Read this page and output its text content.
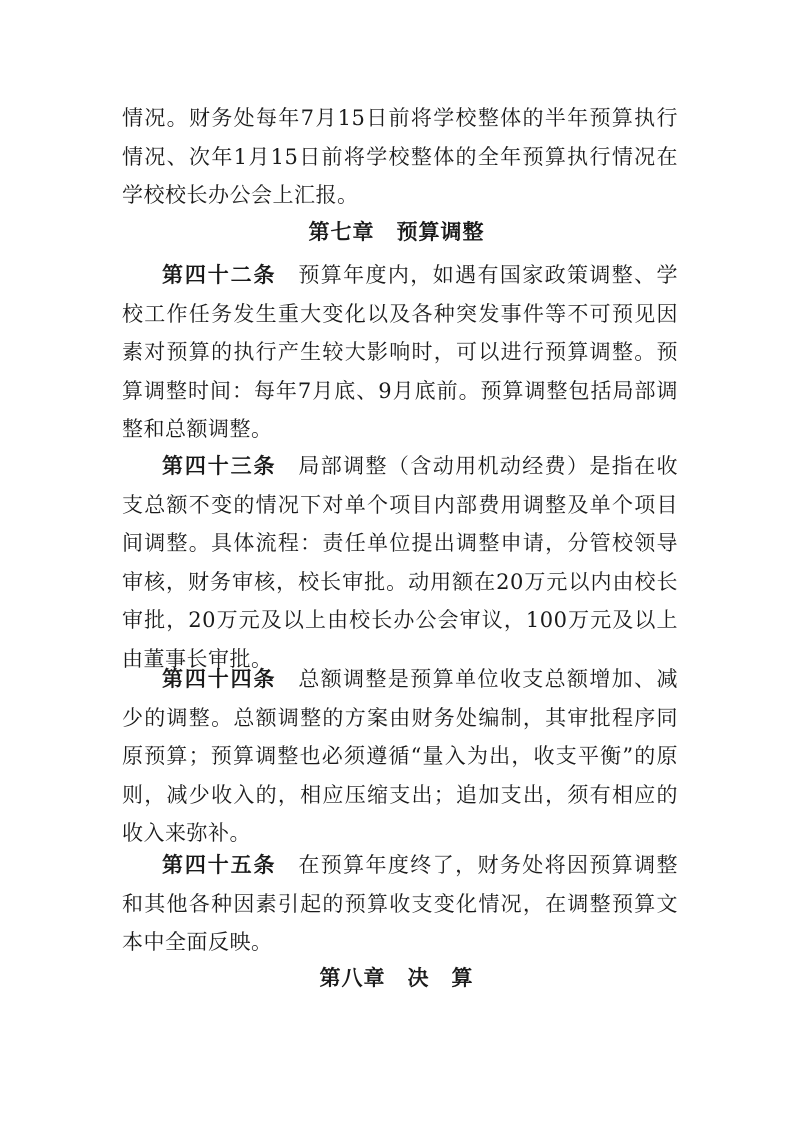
情况。财务处每年7月15日前将学校整体的半年预算执行情况、次年1月15日前将学校整体的全年预算执行情况在学校校长办公会上汇报。
第七章　预算调整
第四十二条 预算年度内，如遇有国家政策调整、学校工作任务发生重大变化以及各种突发事件等不可预见因素对预算的执行产生较大影响时，可以进行预算调整。预算调整时间：每年7月底、9月底前。预算调整包括局部调整和总额调整。
第四十三条 局部调整（含动用机动经费）是指在收支总额不变的情况下对单个项目内部费用调整及单个项目间调整。具体流程：责任单位提出调整申请，分管校领导审核，财务审核，校长审批。动用额在20万元以内由校长审批，20万元及以上由校长办公会审议，100万元及以上由董事长审批。
第四十四条 总额调整是预算单位收支总额增加、减少的调整。总额调整的方案由财务处编制，其审批程序同原预算；预算调整也必须遵循“量入为出，收支平衡”的原则，减少收入的，相应压缩支出；追加支出，须有相应的收入来弥补。
第四十五条 在预算年度终了，财务处将因预算调整和其他各种因素引起的预算收支变化情况，在调整预算文本中全面反映。
第八章　决　算
